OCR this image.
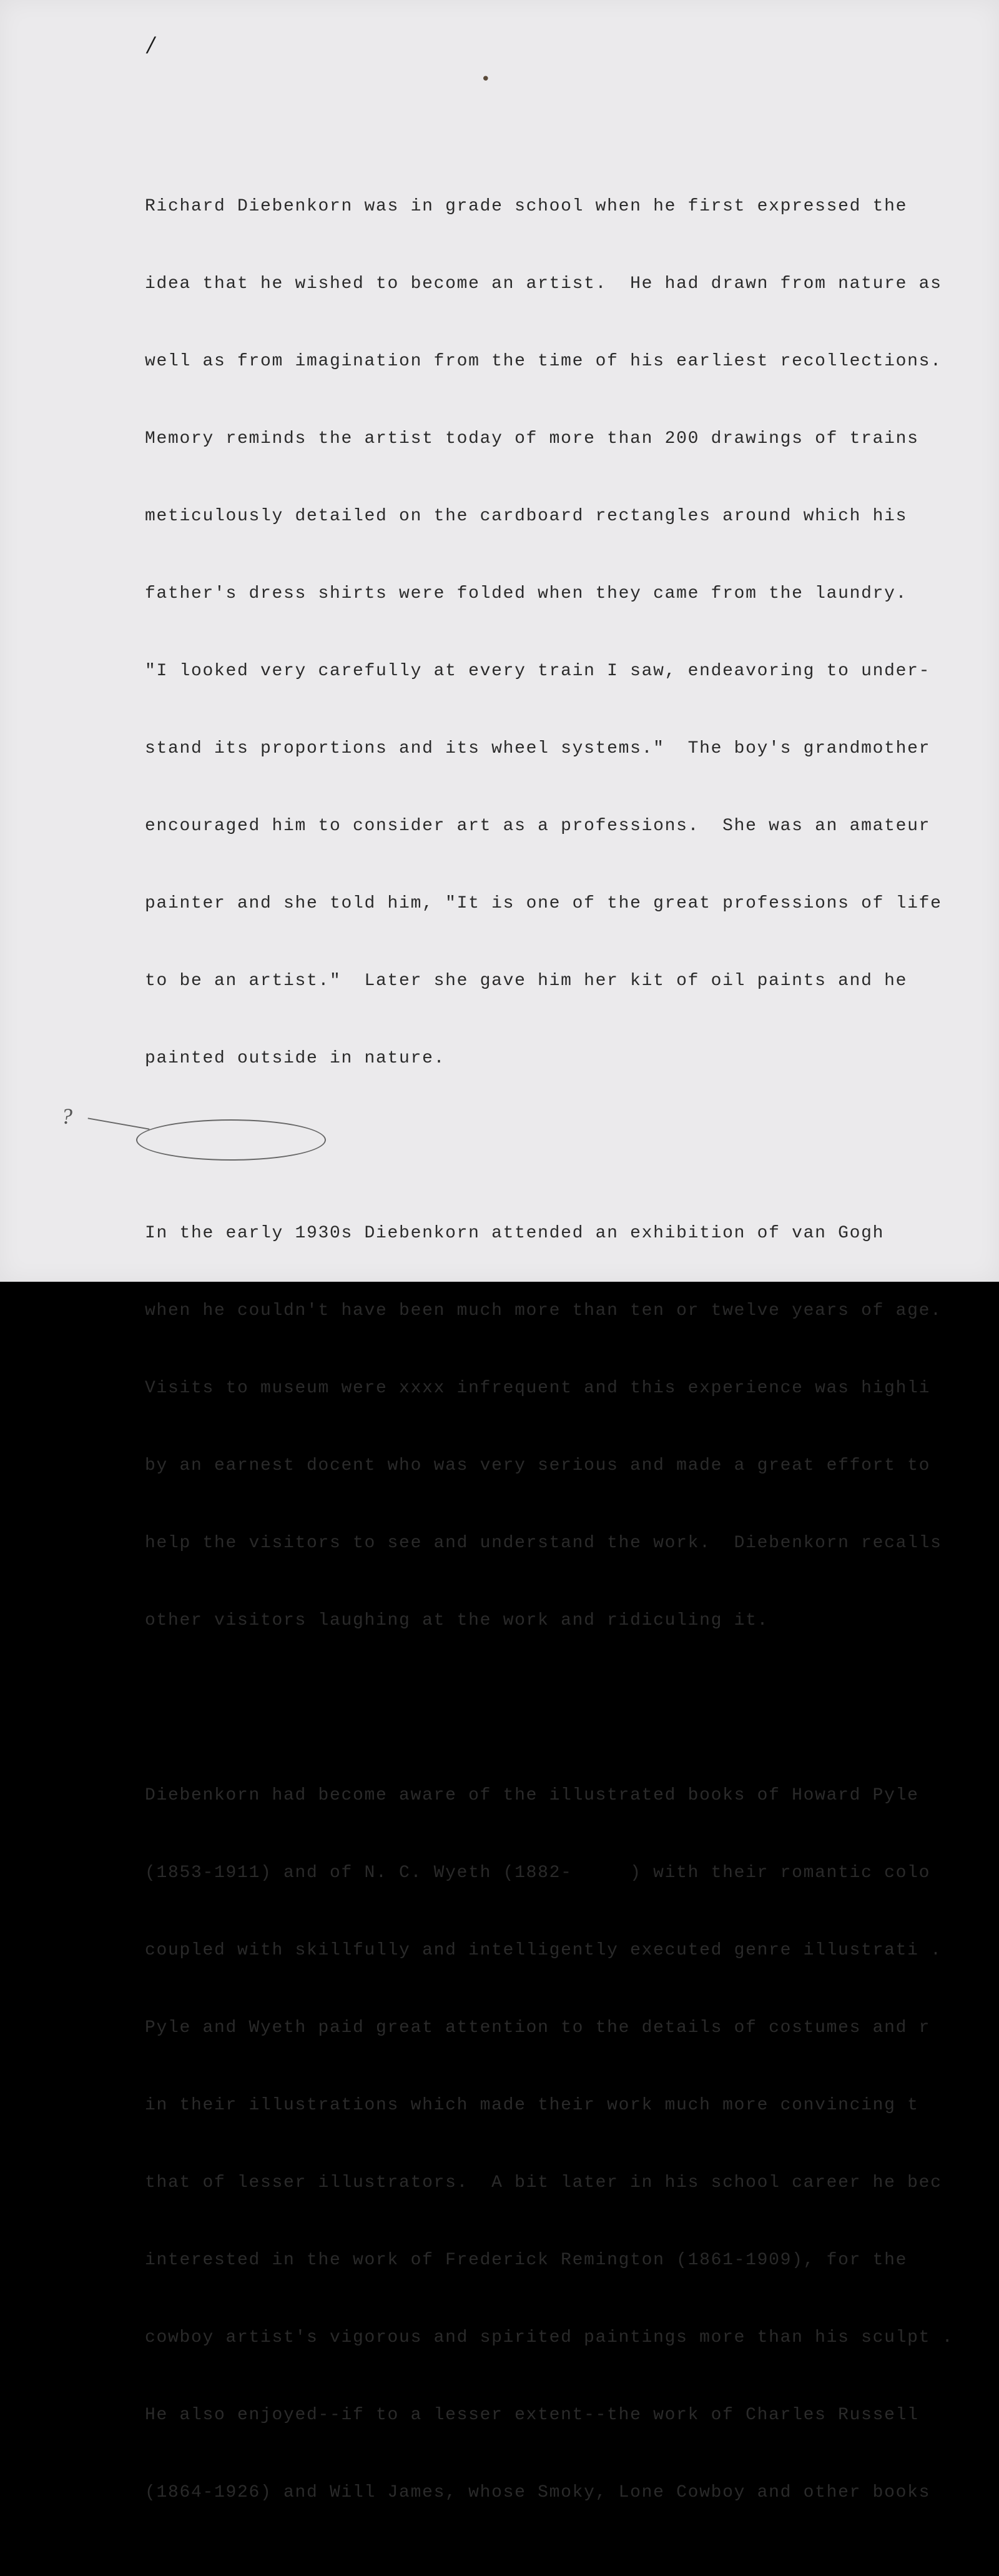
/
•
?

Richard Diebenkorn was in grade school when he first expressed the

idea that he wished to become an artist.  He had drawn from nature as

well as from imagination from the time of his earliest recollections.

Memory reminds the artist today of more than 200 drawings of trains

meticulously detailed on the cardboard rectangles around which his

father's dress shirts were folded when they came from the laundry.

"I looked very carefully at every train I saw, endeavoring to under-

stand its proportions and its wheel systems."  The boy's grandmother

encouraged him to consider art as a professions.  She was an amateur

painter and she told him, "It is one of the great professions of life

to be an artist."  Later she gave him her kit of oil paints and he

painted outside in nature.

In the early 1930s Diebenkorn attended an exhibition of van Gogh

when he couldn't have been much more than ten or twelve years of age.

Visits to museum were xxxx infrequent and this experience was highli

by an earnest docent who was very serious and made a great effort to

help the visitors to see and understand the work.  Diebenkorn recalls

other visitors laughing at the work and ridiculing it.

Diebenkorn had become aware of the illustrated books of Howard Pyle

(1853-1911) and of N. C. Wyeth (1882-     ) with their romantic colo

coupled with skillfully and intelligently executed genre illustrati .

Pyle and Wyeth paid great attention to the details of costumes and r

in their illustrations which made their work much more convincing t

that of lesser illustrators.  A bit later in his school career he bec

interested in the work of Frederick Remington (1861-1909), for the

cowboy artist's vigorous and spirited paintings more than his sculpt .

He also enjoyed--if to a lesser extent--the work of Charles Russell

(1864-1926) and Will James, whose Smoky, Lone Cowboy and other books
